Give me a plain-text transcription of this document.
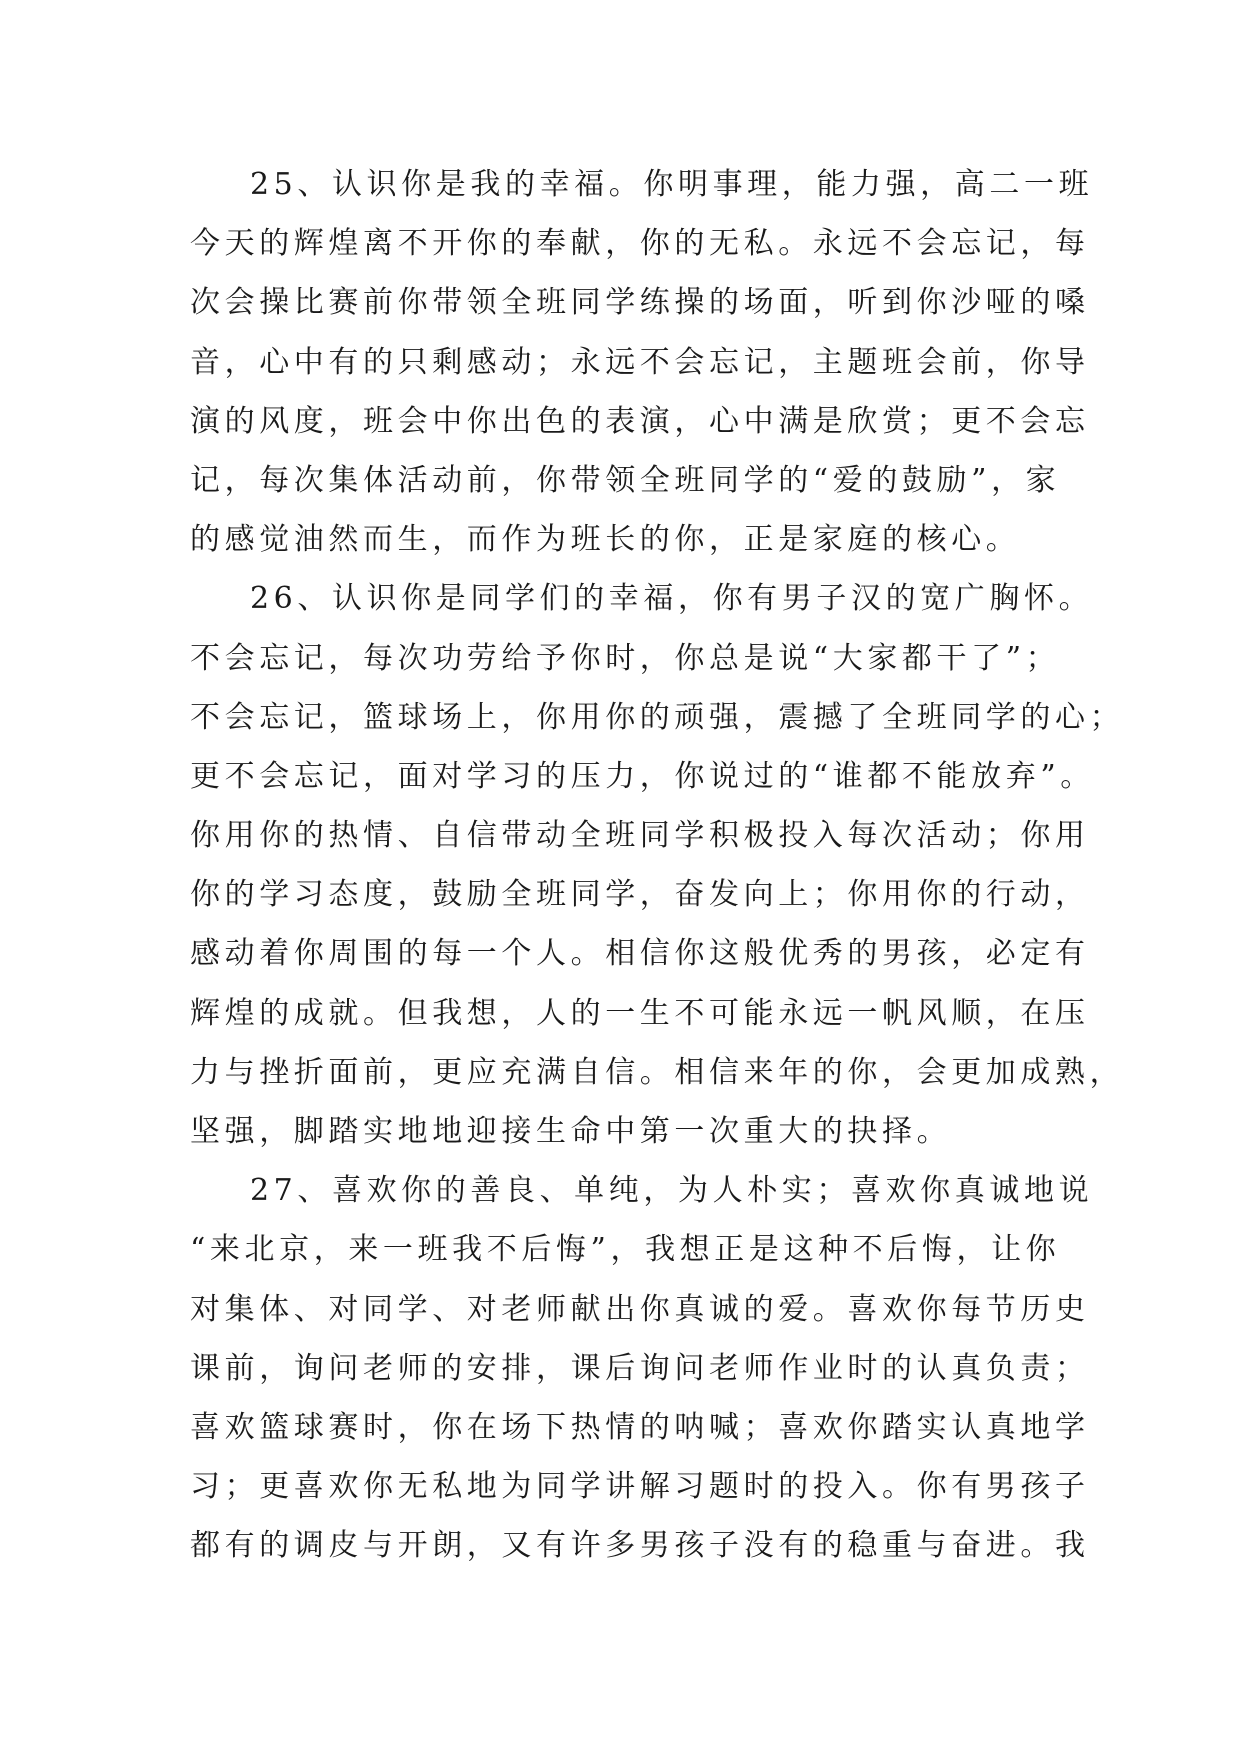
25、认识你是我的幸福。你明事理，能力强，高二一班
今天的辉煌离不开你的奉献，你的无私。永远不会忘记，每
次会操比赛前你带领全班同学练操的场面，听到你沙哑的嗓
音，心中有的只剩感动；永远不会忘记，主题班会前，你导
演的风度，班会中你出色的表演，心中满是欣赏；更不会忘
记，每次集体活动前，你带领全班同学的“爱的鼓励”，家
的感觉油然而生，而作为班长的你，正是家庭的核心。
26、认识你是同学们的幸福，你有男子汉的宽广胸怀。
不会忘记，每次功劳给予你时，你总是说“大家都干了”；
不会忘记，篮球场上，你用你的顽强，震撼了全班同学的心；
更不会忘记，面对学习的压力，你说过的“谁都不能放弃”。
你用你的热情、自信带动全班同学积极投入每次活动；你用
你的学习态度，鼓励全班同学，奋发向上；你用你的行动，
感动着你周围的每一个人。相信你这般优秀的男孩，必定有
辉煌的成就。但我想，人的一生不可能永远一帆风顺，在压
力与挫折面前，更应充满自信。相信来年的你，会更加成熟，
坚强，脚踏实地地迎接生命中第一次重大的抉择。
27、喜欢你的善良、单纯，为人朴实；喜欢你真诚地说
“来北京，来一班我不后悔”，我想正是这种不后悔，让你
对集体、对同学、对老师献出你真诚的爱。喜欢你每节历史
课前，询问老师的安排，课后询问老师作业时的认真负责；
喜欢篮球赛时，你在场下热情的呐喊；喜欢你踏实认真地学
习；更喜欢你无私地为同学讲解习题时的投入。你有男孩子
都有的调皮与开朗，又有许多男孩子没有的稳重与奋进。我
